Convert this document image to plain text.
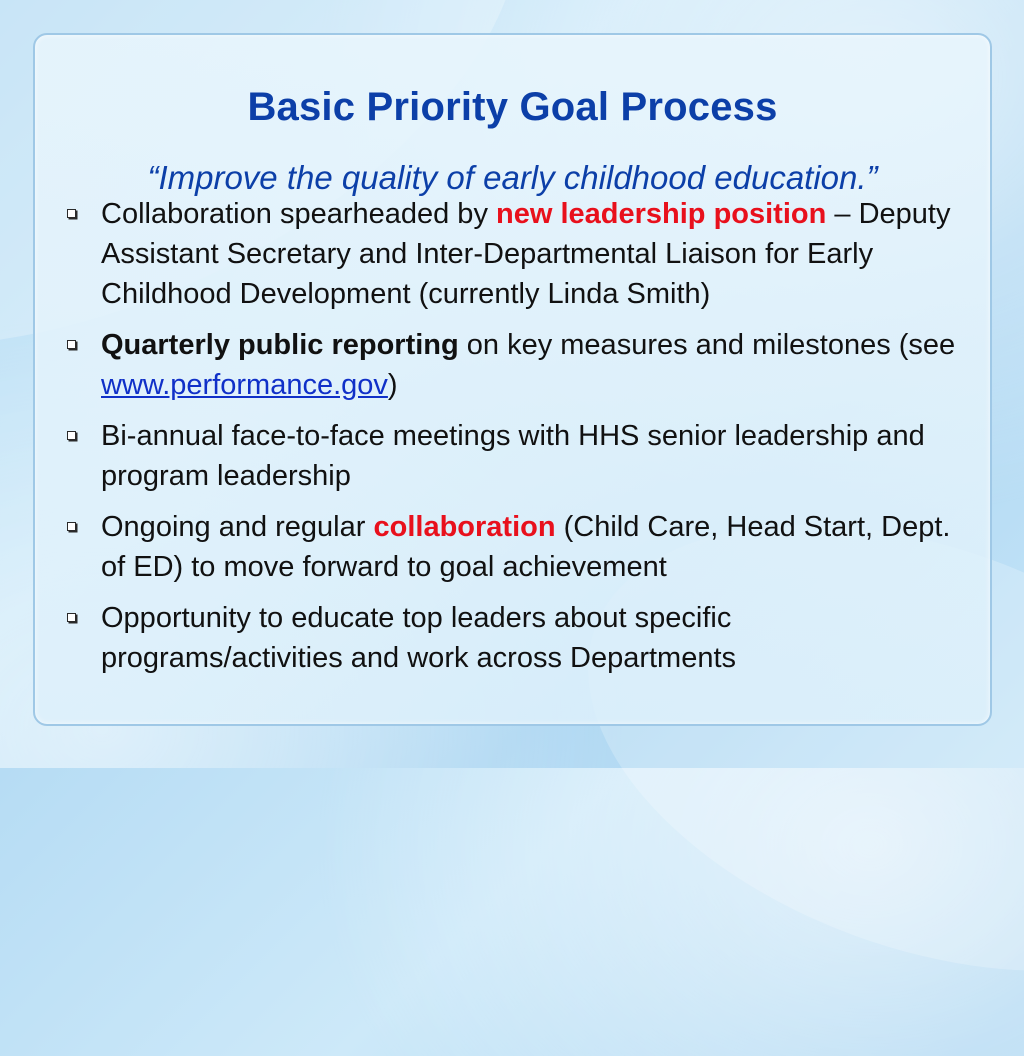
Basic Priority Goal Process

“Improve the quality of early childhood education.”

Collaboration spearheaded by new leadership position – Deputy Assistant Secretary and Inter-Departmental Liaison for Early Childhood Development (currently Linda Smith)
Quarterly public reporting on key measures and milestones (see www.performance.gov)
Bi-annual face-to-face meetings with HHS senior leadership and program leadership
Ongoing and regular collaboration (Child Care, Head Start, Dept. of ED) to move forward to goal achievement
Opportunity to educate top leaders about specific programs/activities and work across Departments
